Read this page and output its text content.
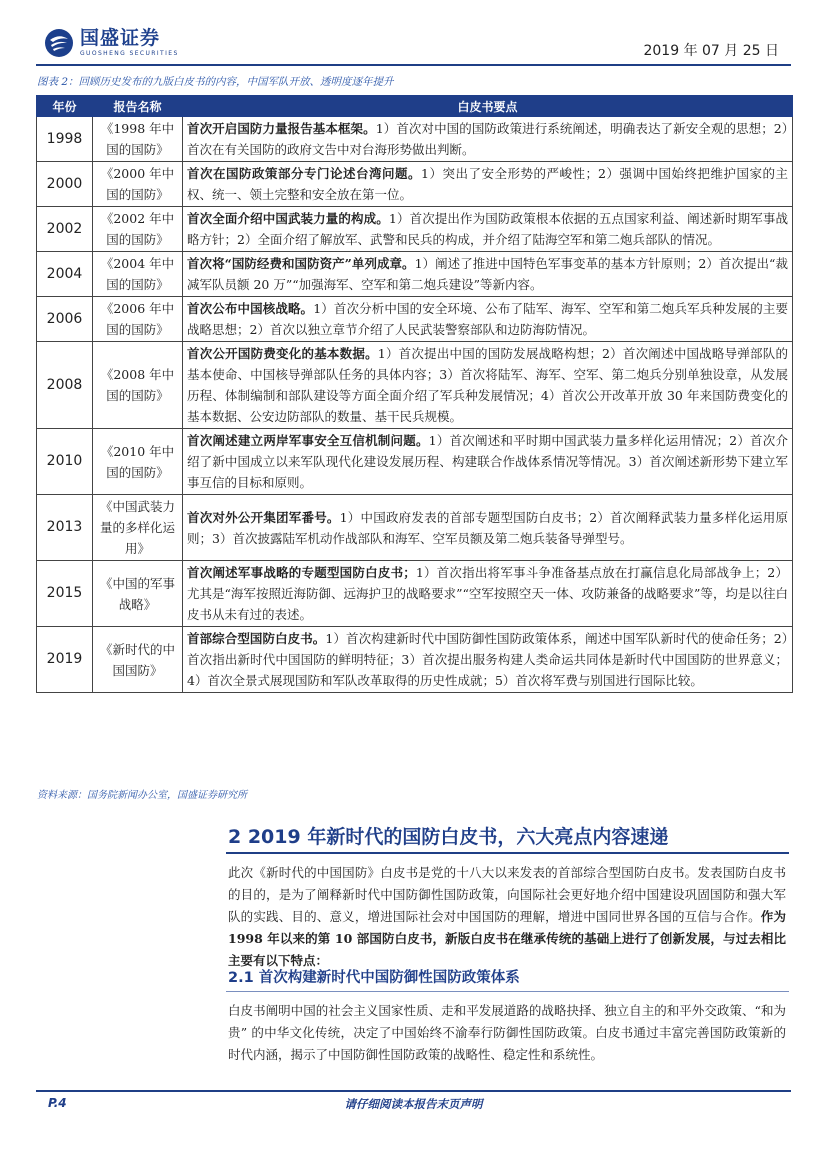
国盛证券
GUOSHENG SECURITIES	2019 年 07 月 25 日
图表 2：回顾历史发布的九版白皮书的内容，中国军队开放、透明度逐年提升
年份	报告名称	白皮书要点
1998	《1998 年中国的国防》	首次开启国防力量报告基本框架。1）首次对中国的国防政策进行系统阐述，明确表达了新安全观的思想；2）首次在有关国防的政府文告中对台海形势做出判断。
2000	《2000 年中国的国防》	首次在国防政策部分专门论述台湾问题。1）突出了安全形势的严峻性；2）强调中国始终把维护国家的主权、统一、领土完整和安全放在第一位。
2002	《2002 年中国的国防》	首次全面介绍中国武装力量的构成。1）首次提出作为国防政策根本依据的五点国家利益、阐述新时期军事战略方针；2）全面介绍了解放军、武警和民兵的构成，并介绍了陆海空军和第二炮兵部队的情况。
2004	《2004 年中国的国防》	首次将“国防经费和国防资产”单列成章。1）阐述了推进中国特色军事变革的基本方针原则；2）首次提出“裁减军队员额 20 万”“加强海军、空军和第二炮兵建设”等新内容。
2006	《2006 年中国的国防》	首次公布中国核战略。1）首次分析中国的安全环境、公布了陆军、海军、空军和第二炮兵军兵种发展的主要战略思想；2）首次以独立章节介绍了人民武装警察部队和边防海防情况。
2008	《2008 年中国的国防》	首次公开国防费变化的基本数据。1）首次提出中国的国防发展战略构想；2）首次阐述中国战略导弹部队的基本使命、中国核导弹部队任务的具体内容；3）首次将陆军、海军、空军、第二炮兵分别单独设章，从发展历程、体制编制和部队建设等方面全面介绍了军兵种发展情况；4）首次公开改革开放 30 年来国防费变化的基本数据、公安边防部队的数量、基干民兵规模。
2010	《2010 年中国的国防》	首次阐述建立两岸军事安全互信机制问题。1）首次阐述和平时期中国武装力量多样化运用情况；2）首次介绍了新中国成立以来军队现代化建设发展历程、构建联合作战体系情况等情况。3）首次阐述新形势下建立军事互信的目标和原则。
2013	《中国武装力量的多样化运用》	首次对外公开集团军番号。1）中国政府发表的首部专题型国防白皮书；2）首次阐释武装力量多样化运用原则；3）首次披露陆军机动作战部队和海军、空军员额及第二炮兵装备导弹型号。
2015	《中国的军事战略》	首次阐述军事战略的专题型国防白皮书；1）首次指出将军事斗争准备基点放在打赢信息化局部战争上；2）尤其是“海军按照近海防御、远海护卫的战略要求”“空军按照空天一体、攻防兼备的战略要求”等，均是以往白皮书从未有过的表述。
2019	《新时代的中国国防》	首部综合型国防白皮书。1）首次构建新时代中国防御性国防政策体系，阐述中国军队新时代的使命任务；2）首次指出新时代中国国防的鲜明特征；3）首次提出服务构建人类命运共同体是新时代中国国防的世界意义；4）首次全景式展现国防和军队改革取得的历史性成就；5）首次将军费与别国进行国际比较。
资料来源：国务院新闻办公室，国盛证券研究所
2 2019 年新时代的国防白皮书，六大亮点内容速递
此次《新时代的中国国防》白皮书是党的十八大以来发表的首部综合型国防白皮书。发表国防白皮书的目的，是为了阐释新时代中国防御性国防政策，向国际社会更好地介绍中国建设巩固国防和强大军队的实践、目的、意义，增进国际社会对中国国防的理解，增进中国同世界各国的互信与合作。作为 1998 年以来的第 10 部国防白皮书，新版白皮书在继承传统的基础上进行了创新发展，与过去相比主要有以下特点：
2.1 首次构建新时代中国防御性国防政策体系
白皮书阐明中国的社会主义国家性质、走和平发展道路的战略抉择、独立自主的和平外交政策、“和为贵” 的中华文化传统，决定了中国始终不渝奉行防御性国防政策。白皮书通过丰富完善国防政策新的时代内涵，揭示了中国防御性国防政策的战略性、稳定性和系统性。
P.4	请仔细阅读本报告末页声明
